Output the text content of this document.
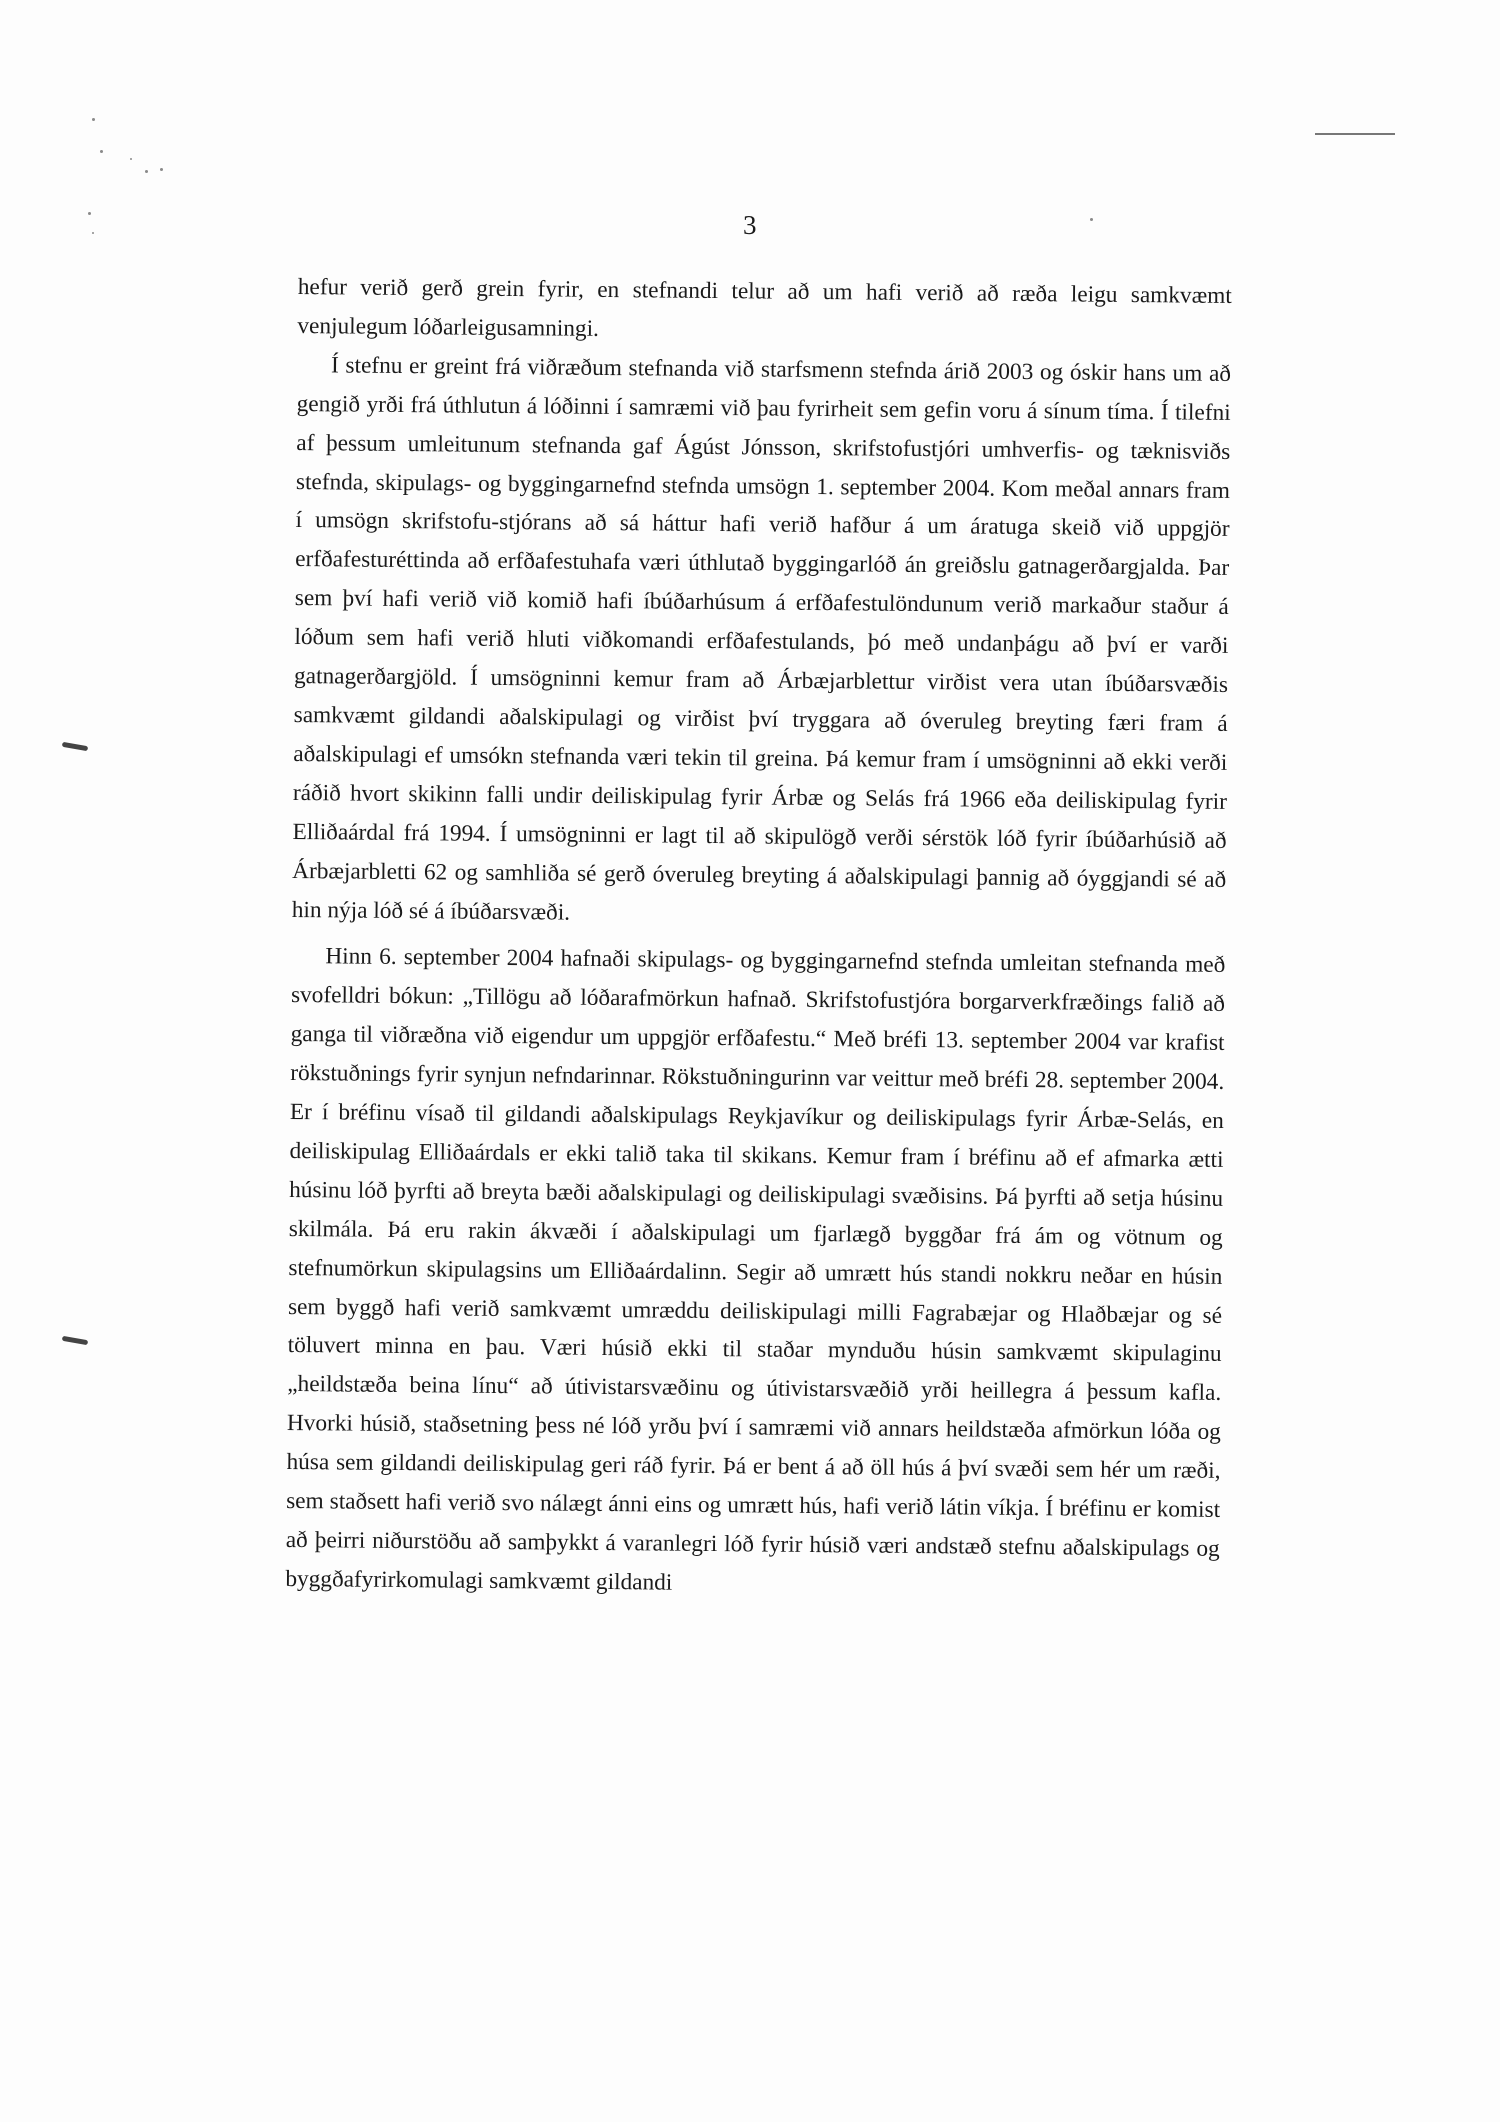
3

hefur verið gerð grein fyrir, en stefnandi telur að um hafi verið að ræða leigu samkvæmt venjulegum lóðarleigusamningi.

Í stefnu er greint frá viðræðum stefnanda við starfsmenn stefnda árið 2003 og óskir hans um að gengið yrði frá úthlutun á lóðinni í samræmi við þau fyrirheit sem gefin voru á sínum tíma. Í tilefni af þessum umleitunum stefnanda gaf Ágúst Jónsson, skrifstofustjóri umhverfis- og tæknisviðs stefnda, skipulags- og byggingarnefnd stefnda umsögn 1. september 2004. Kom meðal annars fram í umsögn skrifstofu-stjórans að sá háttur hafi verið hafður á um áratuga skeið við uppgjör erfðafesturéttinda að erfðafestuhafa væri úthlutað byggingarlóð án greiðslu gatnagerðargjalda. Þar sem því hafi verið við komið hafi íbúðarhúsum á erfðafestulöndunum verið markaður staður á lóðum sem hafi verið hluti viðkomandi erfðafestulands, þó með undanþágu að því er varði gatnagerðargjöld. Í umsögninni kemur fram að Árbæjarblettur virðist vera utan íbúðarsvæðis samkvæmt gildandi aðalskipulagi og virðist því tryggara að óveruleg breyting færi fram á aðalskipulagi ef umsókn stefnanda væri tekin til greina. Þá kemur fram í umsögninni að ekki verði ráðið hvort skikinn falli undir deiliskipulag fyrir Árbæ og Selás frá 1966 eða deiliskipulag fyrir Elliðaárdal frá 1994. Í umsögninni er lagt til að skipulögð verði sérstök lóð fyrir íbúðarhúsið að Árbæjarbletti 62 og samhliða sé gerð óveruleg breyting á aðalskipulagi þannig að óyggjandi sé að hin nýja lóð sé á íbúðarsvæði.

Hinn 6. september 2004 hafnaði skipulags- og byggingarnefnd stefnda umleitan stefnanda með svofelldri bókun: „Tillögu að lóðarafmörkun hafnað. Skrifstofustjóra borgarverkfræðings falið að ganga til viðræðna við eigendur um uppgjör erfðafestu.“ Með bréfi 13. september 2004 var krafist rökstuðnings fyrir synjun nefndarinnar. Rökstuðningurinn var veittur með bréfi 28. september 2004. Er í bréfinu vísað til gildandi aðalskipulags Reykjavíkur og deiliskipulags fyrir Árbæ-Selás, en deiliskipulag Elliðaárdals er ekki talið taka til skikans. Kemur fram í bréfinu að ef afmarka ætti húsinu lóð þyrfti að breyta bæði aðalskipulagi og deiliskipulagi svæðisins. Þá þyrfti að setja húsinu skilmála. Þá eru rakin ákvæði í aðalskipulagi um fjarlægð byggðar frá ám og vötnum og stefnumörkun skipulagsins um Elliðaárdalinn. Segir að umrætt hús standi nokkru neðar en húsin sem byggð hafi verið samkvæmt umræddu deiliskipulagi milli Fagrabæjar og Hlaðbæjar og sé töluvert minna en þau. Væri húsið ekki til staðar mynduðu húsin samkvæmt skipulaginu „heildstæða beina línu“ að útivistarsvæðinu og útivistarsvæðið yrði heillegra á þessum kafla. Hvorki húsið, staðsetning þess né lóð yrðu því í samræmi við annars heildstæða afmörkun lóða og húsa sem gildandi deiliskipulag geri ráð fyrir. Þá er bent á að öll hús á því svæði sem hér um ræði, sem staðsett hafi verið svo nálægt ánni eins og umrætt hús, hafi verið látin víkja. Í bréfinu er komist að þeirri niðurstöðu að samþykkt á varanlegri lóð fyrir húsið væri andstæð stefnu aðalskipulags og byggðafyrirkomulagi samkvæmt gildandi
